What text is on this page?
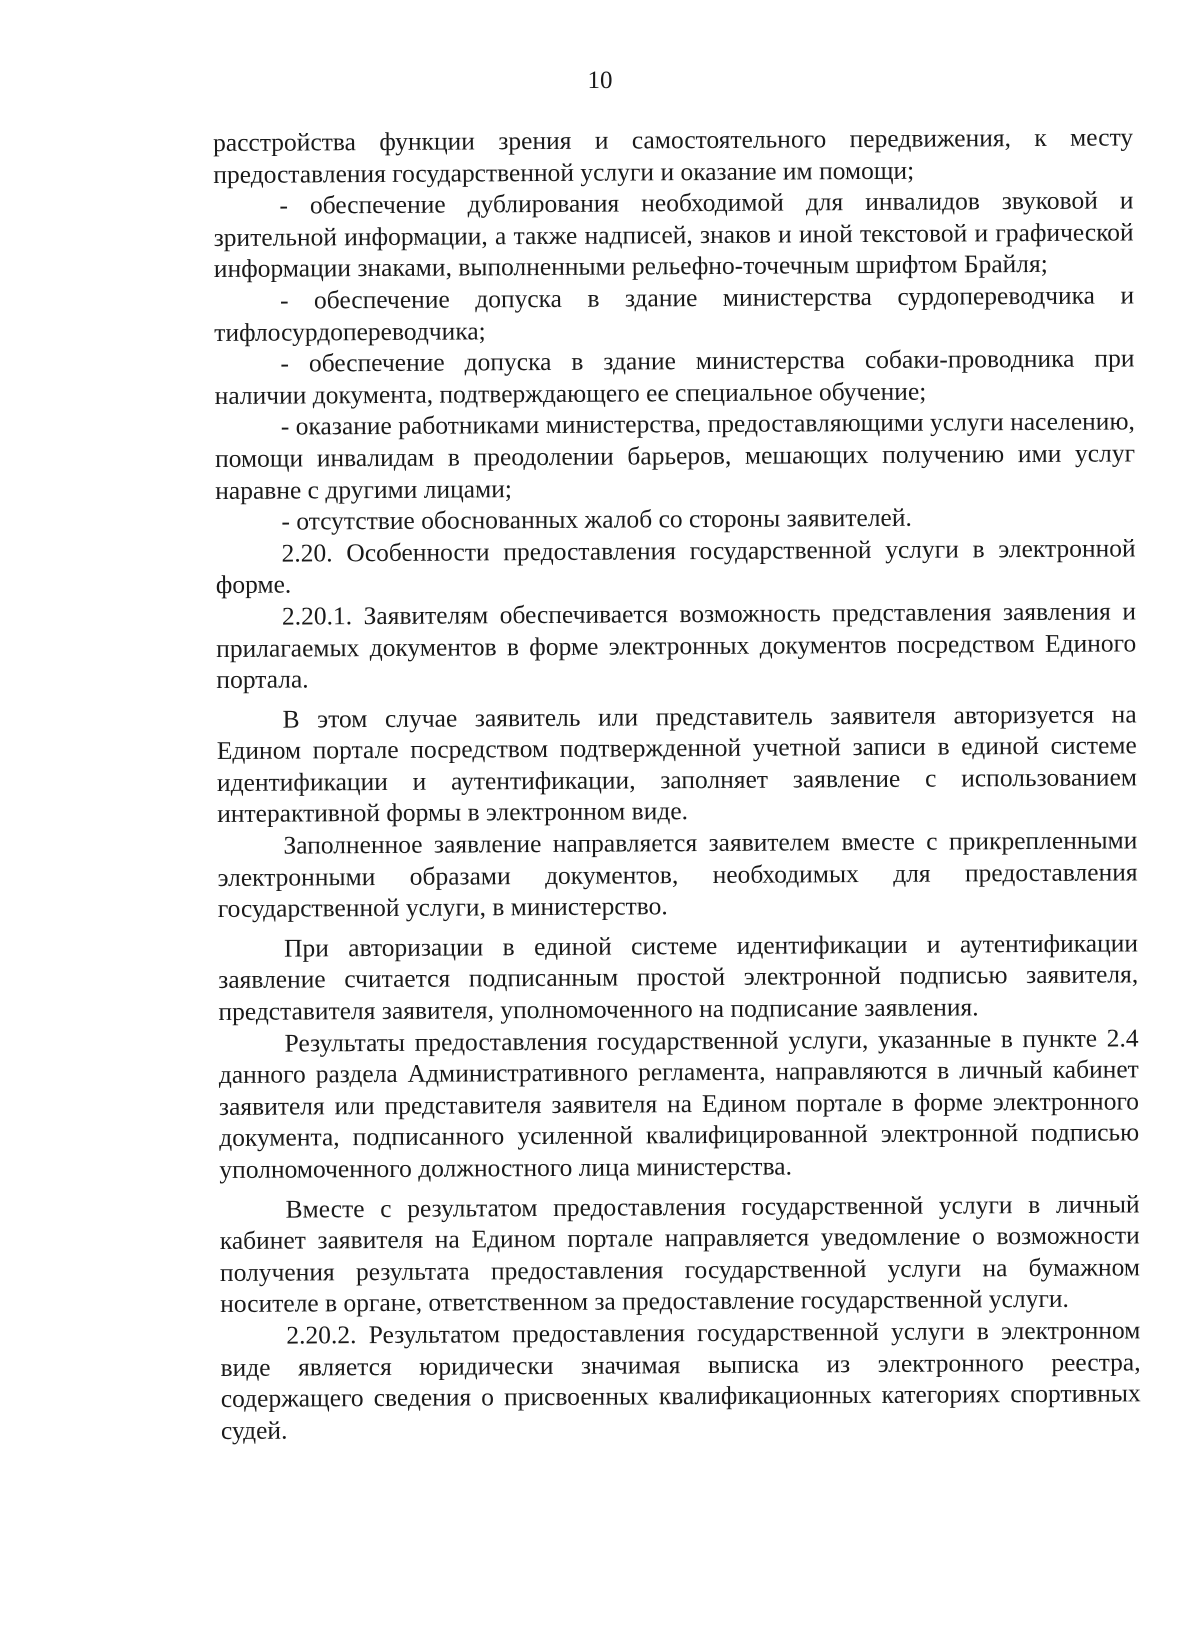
10

расстройства функции зрения и самостоятельного передвижения, к месту предоставления государственной услуги и оказание им помощи;

- обеспечение дублирования необходимой для инвалидов звуковой и зрительной информации, а также надписей, знаков и иной текстовой и графической информации знаками, выполненными рельефно-точечным шрифтом Брайля;

- обеспечение допуска в здание министерства сурдопереводчика и тифлосурдопереводчика;

- обеспечение допуска в здание министерства собаки-проводника при наличии документа, подтверждающего ее специальное обучение;

- оказание работниками министерства, предоставляющими услуги населению, помощи инвалидам в преодолении барьеров, мешающих получению ими услуг наравне с другими лицами;

- отсутствие обоснованных жалоб со стороны заявителей.

2.20. Особенности предоставления государственной услуги в электронной форме.

2.20.1. Заявителям обеспечивается возможность представления заявления и прилагаемых документов в форме электронных документов посредством Единого портала.

В этом случае заявитель или представитель заявителя авторизуется на Едином портале посредством подтвержденной учетной записи в единой системе идентификации и аутентификации, заполняет заявление с использованием интерактивной формы в электронном виде.

Заполненное заявление направляется заявителем вместе с прикрепленными электронными образами документов, необходимых для предоставления государственной услуги, в министерство.

При авторизации в единой системе идентификации и аутентификации заявление считается подписанным простой электронной подписью заявителя, представителя заявителя, уполномоченного на подписание заявления.

Результаты предоставления государственной услуги, указанные в пункте 2.4 данного раздела Административного регламента, направляются в личный кабинет заявителя или представителя заявителя на Едином портале в форме электронного документа, подписанного усиленной квалифицированной электронной подписью уполномоченного должностного лица министерства.

Вместе с результатом предоставления государственной услуги в личный кабинет заявителя на Едином портале направляется уведомление о возможности получения результата предоставления государственной услуги на бумажном носителе в органе, ответственном за предоставление государственной услуги.

2.20.2. Результатом предоставления государственной услуги в электронном виде является юридически значимая выписка из электронного реестра, содержащего сведения о присвоенных квалификационных категориях спортивных судей.
